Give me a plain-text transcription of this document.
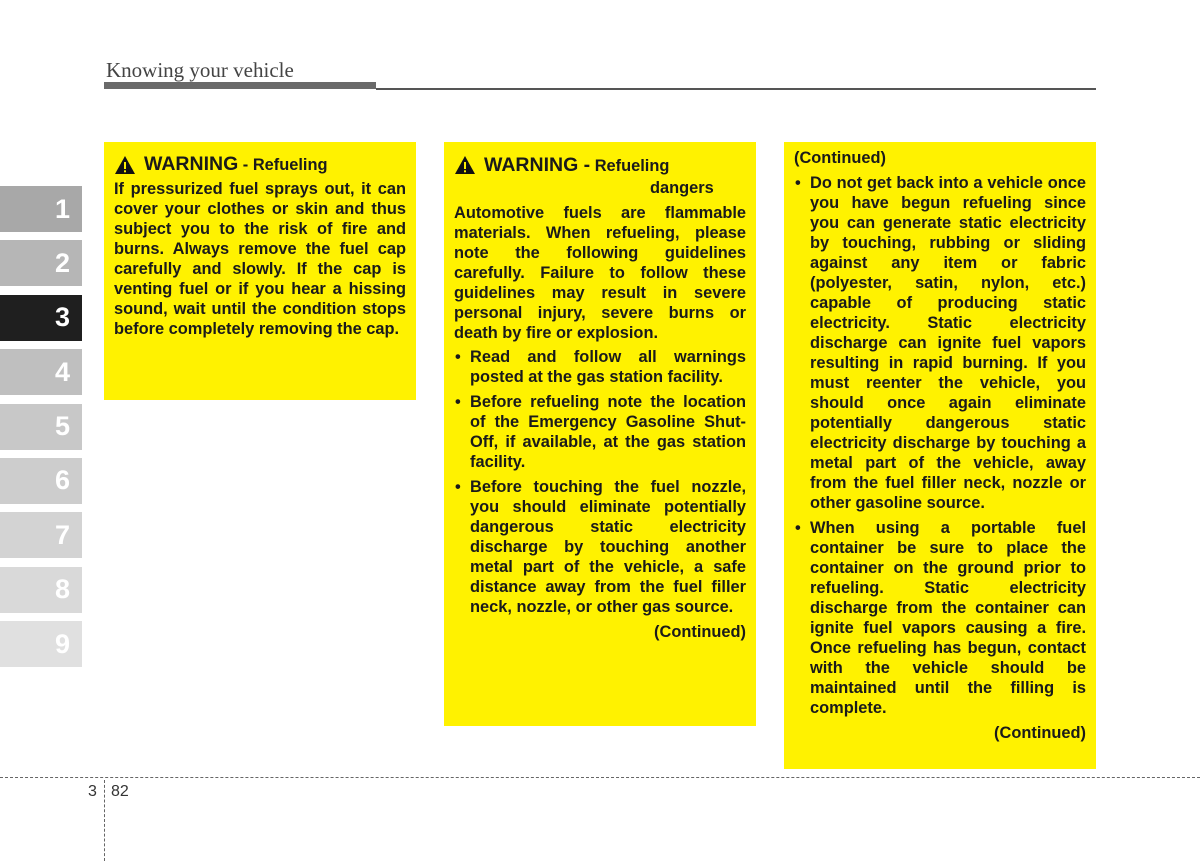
Knowing your vehicle
1
2
3
4
5
6
7
8
9
WARNING - Refueling

If pressurized fuel sprays out, it can cover your clothes or skin and thus subject you to the risk of fire and burns. Always remove the fuel cap carefully and slowly. If the cap is venting fuel or if you hear a hissing sound, wait until the condition stops before completely removing the cap.

WARNING - Refueling
dangers

Automotive fuels are flammable materials. When refueling, please note the following guidelines carefully. Failure to follow these guidelines may result in severe personal injury, severe burns or death by fire or explosion.

• Read and follow all warnings posted at the gas station facility.
• Before refueling note the location of the Emergency Gasoline Shut-Off, if available, at the gas station facility.
• Before touching the fuel nozzle, you should eliminate potentially dangerous static electricity discharge by touching another metal part of the vehicle, a safe distance away from the fuel filler neck, nozzle, or other gas source.
(Continued)
(Continued)
• Do not get back into a vehicle once you have begun refueling since you can generate static electricity by touching, rubbing or sliding against any item or fabric (polyester, satin, nylon, etc.) capable of producing static electricity. Static electricity discharge can ignite fuel vapors resulting in rapid burning. If you must reenter the vehicle, you should once again eliminate potentially dangerous static electricity discharge by touching a metal part of the vehicle, away from the fuel filler neck, nozzle or other gasoline source.
• When using a portable fuel container be sure to place the container on the ground prior to refueling. Static electricity discharge from the container can ignite fuel vapors causing a fire. Once refueling has begun, contact with the vehicle should be maintained until the filling is complete.
(Continued)
3 82
